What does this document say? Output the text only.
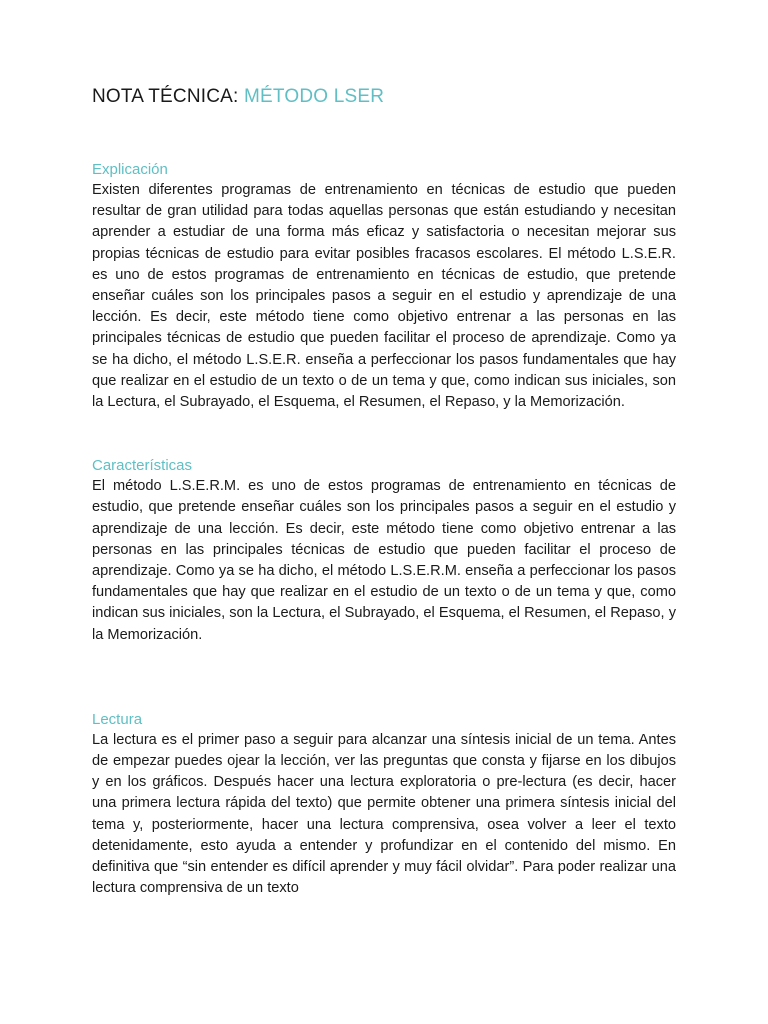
NOTA TÉCNICA: MÉTODO LSER
Explicación

Existen diferentes programas de entrenamiento en técnicas de estudio que pueden resultar de gran utilidad para todas aquellas personas que están estudiando y necesitan aprender a estudiar de una forma más eficaz y satisfactoria o necesitan mejorar sus propias técnicas de estudio para evitar posibles fracasos escolares. El método L.S.E.R. es uno de estos programas de entrenamiento en técnicas de estudio, que pretende enseñar cuáles son los principales pasos a seguir en el estudio y aprendizaje de una lección. Es decir, este método tiene como objetivo entrenar a las personas en las principales técnicas de estudio que pueden facilitar el proceso de aprendizaje. Como ya se ha dicho, el método L.S.E.R. enseña a perfeccionar los pasos fundamentales que hay que realizar en el estudio de un texto o de un tema y que, como indican sus iniciales, son la Lectura, el Subrayado, el Esquema, el Resumen, el Repaso, y la Memorización.

Características

El método L.S.E.R.M. es uno de estos programas de entrenamiento en técnicas de estudio, que pretende enseñar cuáles son los principales pasos a seguir en el estudio y aprendizaje de una lección. Es decir, este método tiene como objetivo entrenar a las personas en las principales técnicas de estudio que pueden facilitar el proceso de aprendizaje. Como ya se ha dicho, el método L.S.E.R.M. enseña a perfeccionar los pasos fundamentales que hay que realizar en el estudio de un texto o de un tema y que, como indican sus iniciales, son la Lectura, el Subrayado, el Esquema, el Resumen, el Repaso, y la Memorización.

Lectura

La lectura es el primer paso a seguir para alcanzar una síntesis inicial de un tema. Antes de empezar puedes ojear la lección, ver las preguntas que consta y fijarse en los dibujos y en los gráficos. Después hacer una lectura exploratoria o pre-lectura (es decir, hacer una primera lectura rápida del texto) que permite obtener una primera síntesis inicial del tema y, posteriormente, hacer una lectura comprensiva, osea volver a leer el texto detenidamente, esto ayuda a entender y profundizar en el contenido del mismo. En definitiva que “sin entender es difícil aprender y muy fácil olvidar”. Para poder realizar una lectura comprensiva de un texto
